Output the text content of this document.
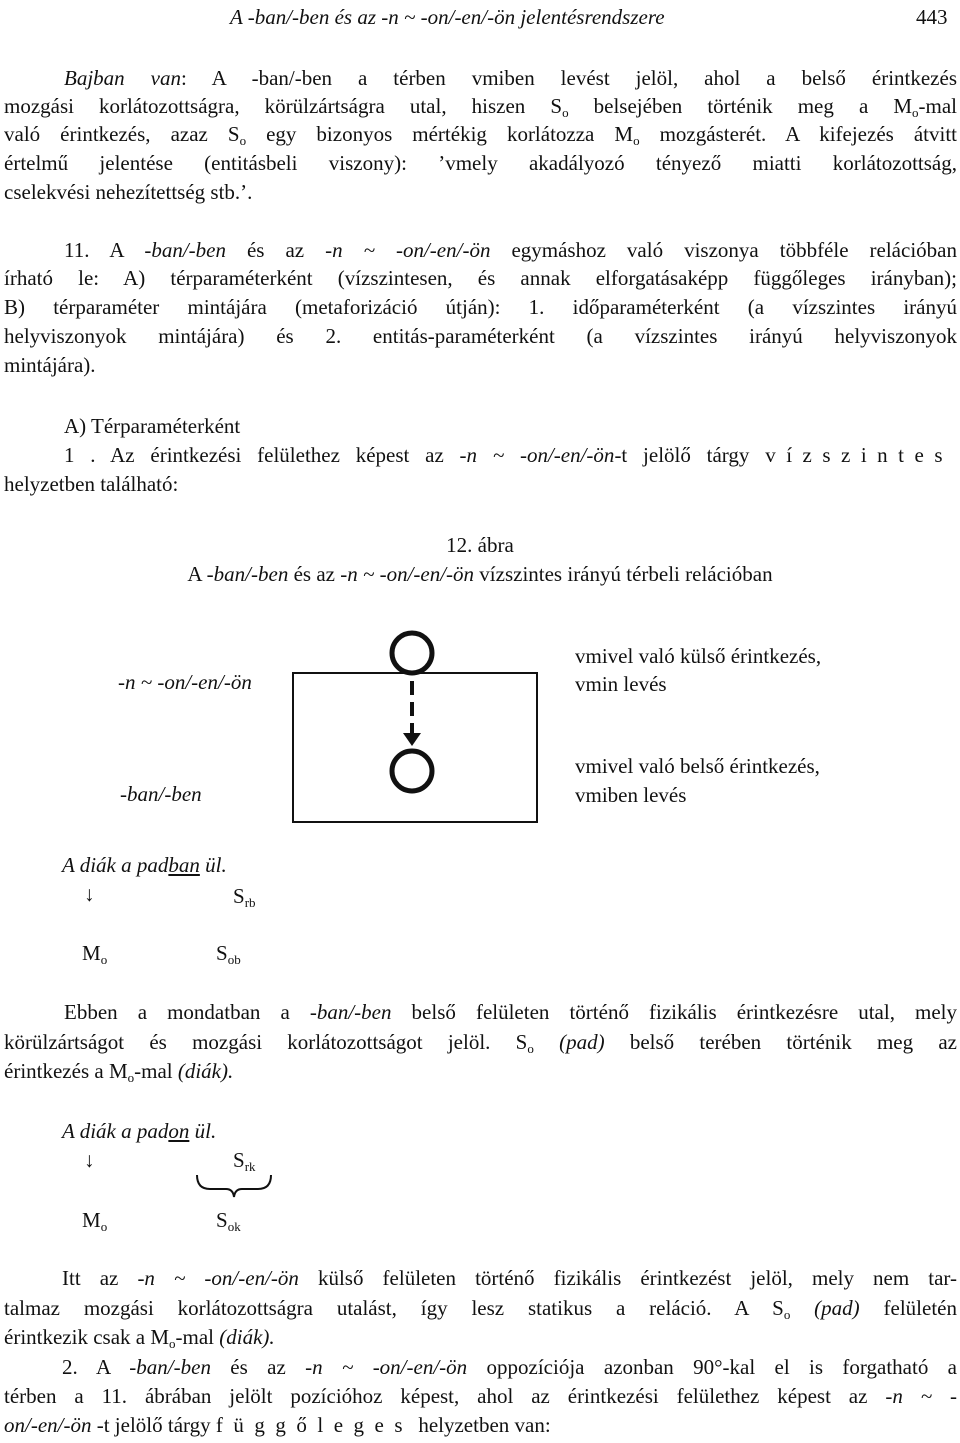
A -ban/-ben és az -n ~ -on/-en/-ön jelentésrendszere	443
Bajban van: A -ban/-ben a térben vmiben levést jelöl, ahol a belső érintkezés
mozgási korlátozottságra, körülzártságra utal, hiszen $S_o$ belsejében történik meg a $M_o$-mal
való érintkezés, azaz $S_o$ egy bizonyos mértékig korlátozza $M_o$ mozgásterét. A kifejezés átvitt
értelmű jelentése (entitásbeli viszony): ’vmely akadályozó tényező miatti korlátozottság,
cselekvési nehezítettség stb.’.
11. A -ban/-ben és az -n ~ -on/-en/-ön egymáshoz való viszonya többféle relációban
írható le: A) térparaméterként (vízszintesen, és annak elforgatásaképp függőleges irányban);
B) térparaméter mintájára (metaforizáció útján): 1. időparaméterként (a vízszintes irányú
helyviszonyok mintájára) és 2. entitás-paraméterként (a vízszintes irányú helyviszonyok
mintájára).
A) Térparaméterként
1 . Az érintkezési felülethez képest az -n ~ -on/-en/-ön-t jelölő tárgy vízszintes
helyzetben található:
12. ábra
A -ban/-ben és az -n ~ -on/-en/-ön vízszintes irányú térbeli relációban
-n ~ -on/-en/-ön
-ban/-ben
vmivel való külső érintkezés,
vmin levés
vmivel való belső érintkezés,
vmiben levés
A diák a padban ül.
↓	$S_{rb}$
$M_o$	$S_{ob}$
Ebben a mondatban a -ban/-ben belső felületen történő fizikális érintkezésre utal, mely
körülzártságot és mozgási korlátozottságot jelöl. $S_o$ (pad) belső terében történik meg az
érintkezés a $M_o$-mal (diák).
A diák a padon ül.
↓	$S_{rk}$
$M_o$	$S_{ok}$
Itt az -n ~ -on/-en/-ön külső felületen történő fizikális érintkezést jelöl, mely nem tar-
talmaz mozgási korlátozottságra utalást, így lesz statikus a reláció. A $S_o$ (pad) felületén
érintkezik csak a $M_o$-mal (diák).
2. A -ban/-ben és az -n ~ -on/-en/-ön oppozíciója azonban 90°-kal el is forgatható a
térben a 11. ábrában jelölt pozícióhoz képest, ahol az érintkezési felülethez képest az -n ~ -
on/-en/-ön -t jelölő tárgy függőleges helyzetben van:
